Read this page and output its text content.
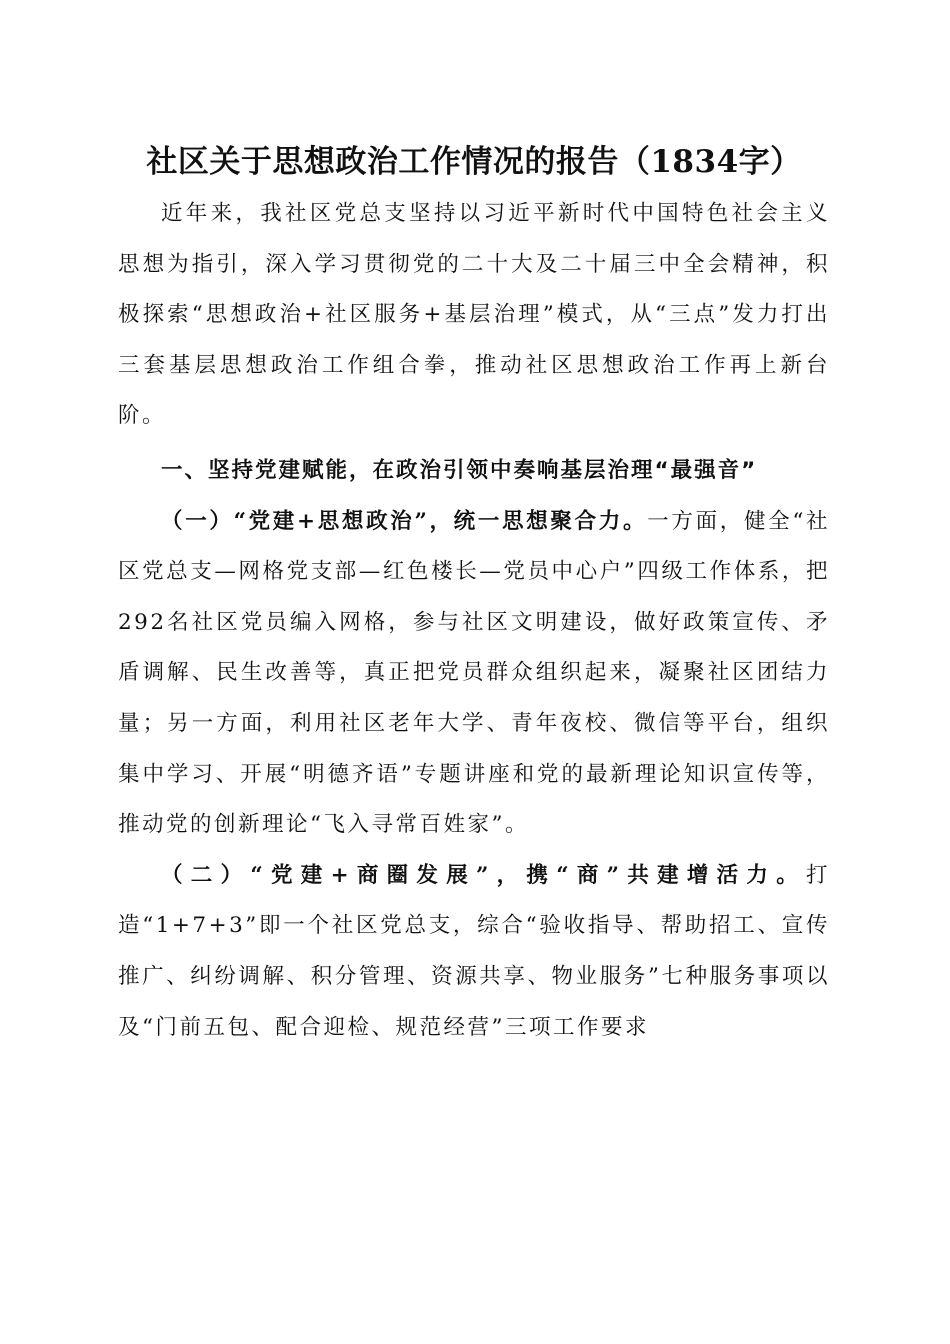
社区关于思想政治工作情况的报告（1834字）

近年来，我社区党总支坚持以习近平新时代中国特色社会主义思想为指引，深入学习贯彻党的二十大及二十届三中全会精神，积极探索“思想政治+社区服务+基层治理”模式，从“三点”发力打出三套基层思想政治工作组合拳，推动社区思想政治工作再上新台阶。

一、坚持党建赋能，在政治引领中奏响基层治理“最强音”

（一）“党建+思想政治”，统一思想聚合力。一方面，健全“社区党总支—网格党支部—红色楼长—党员中心户”四级工作体系，把292名社区党员编入网格，参与社区文明建设，做好政策宣传、矛盾调解、民生改善等，真正把党员群众组织起来，凝聚社区团结力量；另一方面，利用社区老年大学、青年夜校、微信等平台，组织集中学习、开展“明德齐语”专题讲座和党的最新理论知识宣传等，推动党的创新理论“飞入寻常百姓家”。

（二）“党建+商圈发展”，携“商”共建增活力。打造“1+7+3”即一个社区党总支，综合“验收指导、帮助招工、宣传推广、纠纷调解、积分管理、资源共享、物业服务”七种服务事项以及“门前五包、配合迎检、规范经营”三项工作要求
